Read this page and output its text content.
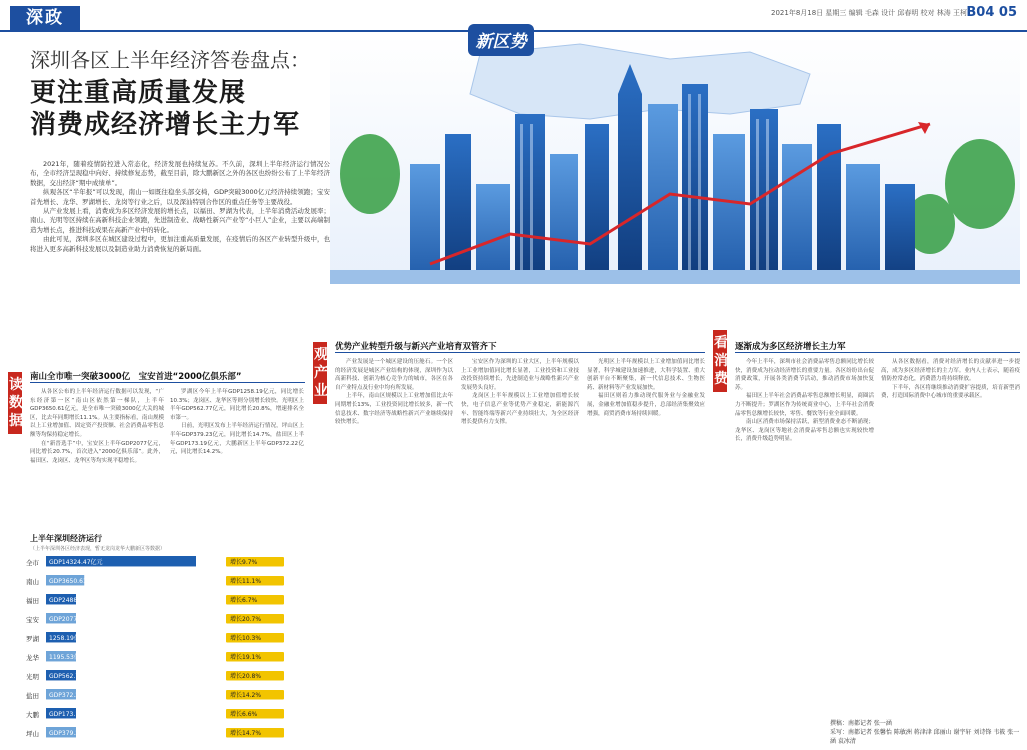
深政	2021年8月18日 星期三 编辑 毛森 设计 邱春明 校对 林涛 王柯 B04 05
深圳各区上半年经济答卷盘点：
更注重高质量发展
消费成经济增长主力军

2021年，随着疫情防控进入常态化，经济发展也持续复苏。不久前，深圳上半年经济运行情况公布，全市经济呈现稳中向好、持续修复态势，截至目前，除大鹏新区之外的各区也纷纷公布了上半年经济数据，交出经济“期中成绩单”。

纵观各区“半年报”可以发现，南山一如既往稳坐头部交椅，GDP突破3000亿元经济持续领跑；宝安首先增长、龙华、罗湖增长、龙岗等行业之后，以及深汕特别合作区的重点任务等主要战役。

从产业发展上看，消费成为多区经济发展的增长点，以福田、罗湖为代表，上半年消费活动发展率；南山、光明等区持续在高新科技企业领跑，先进制造业、战略性新兴产业等“小巨人”企业，主要以高端制造为增长点，推进科技成果在高新产业中的转化。

由此可见，深圳多区在城区建设过程中，更加注重高质量发展，在疫情后的各区产业转型升级中，也将进入更多高新科技发展以及制造业助力消费恢复的新局面。

新区势
读数据
南山全市唯一突破3000亿　宝安首进“2000亿俱乐部”

从各区公布的上半年经济运行数据可以发现，“广东经济第一区”南山区依然第一梯队，上半年GDP3650.61亿元，是全市唯一突破3000亿大关的城区，比去年同期增长11.1%。从主要指标看，南山规模以上工业增加值、固定资产投资额、社会消费品零售总额等均保持稳定增长。

在“新晋选手”中，宝安区上半年GDP2077亿元，同比增长20.7%，首次进入“2000亿俱乐部”。此外，福田区、龙岗区、龙华区等均实现平稳增长。

罗湖区今年上半年GDP1258.19亿元，同比增长10.3%；龙岗区、龙华区等则分别增长较快。光明区上半年GDP562.77亿元，同比增长20.8%，增速排名全市第一。

日前，光明区发布上半年经济运行情况，坪山区上半年GDP379.23亿元，同比增长14.7%，盐田区上半年GDP173.19亿元，大鹏新区上半年GDP372.22亿元，同比增长14.2%。

上半年深圳经济运行
（上半年深圳各区经济表现，暂无龙岗龙华大鹏新区等数据）
全市 GDP14324.47亿元	增长9.7%
南山 GDP3650.61亿元	增长11.1%
福田 GDP2488.37亿元	增长6.7%
宝安 GDP2077亿元	增长20.7%
罗湖 1258.19亿元	增长10.3%
龙华 1195.53亿元	增长19.1%
光明 GDP562.77亿元	增长20.8%
盐田 GDP372.22亿元	增长14.2%
大鹏 GDP173.19亿元	增长6.6%
坪山 GDP379.23亿元	增长14.7%
观产业
优势产业转型升级与新兴产业培育双管齐下

产业发展是一个城区建设的压舱石。一个区的经济发展是城区产业结构的体现，深圳作为以高新科技、创新为核心竞争力的城市，各区在各自产业特点及行业中均有所发展。

上半年，南山区规模以上工业增加值比去年同期增长13%，工业投资同比增长较多，新一代信息技术、数字经济等战略性新兴产业继续保持较快增长。

宝安区作为深圳的工业大区，上半年规模以上工业增加值同比增长显著，工业投资和工业技改投资持续增长，先进制造业与战略性新兴产业发展势头良好。

龙岗区上半年规模以上工业增加值增长较快，电子信息产业等优势产业稳定，新能源汽车、智能终端等新兴产业持续壮大，为全区经济增长提供有力支撑。

光明区上半年规模以上工业增加值同比增长显著，科学城建设加速推进，大科学装置、重大创新平台不断聚集，新一代信息技术、生物医药、新材料等产业发展加快。

福田区则着力推动现代服务业与金融业发展，金融业增加值稳步提升，总部经济集聚效应增强，商贸消费市场持续回暖。

看消费
逐渐成为多区经济增长主力军

今年上半年，深圳市社会消费品零售总额同比增长较快，消费成为拉动经济增长的重要力量。各区纷纷出台促消费政策，开展各类消费节活动，推动消费市场加快复苏。

福田区上半年社会消费品零售总额增长明显，商圈活力不断提升；罗湖区作为传统商业中心，上半年社会消费品零售总额增长较快，零售、餐饮等行业全面回暖。

南山区消费市场保持活跃，新型消费业态不断涌现；龙华区、龙岗区等地社会消费品零售总额也实现较快增长，消费升级趋势明显。

从各区数据看，消费对经济增长的贡献率进一步提高，成为多区经济增长的主力军。业内人士表示，随着疫情防控常态化，消费潜力将持续释放。

下半年，各区将继续推动消费扩容提质，培育新型消费，打造国际消费中心城市的重要承载区。

撰稿：南都记者 张一涵
采写：南都记者 张馨怡 陈敏洲 蒋津津 邱丽山 谢宇轩 刘诗锋 韦筱 张一涵 袁冰清
